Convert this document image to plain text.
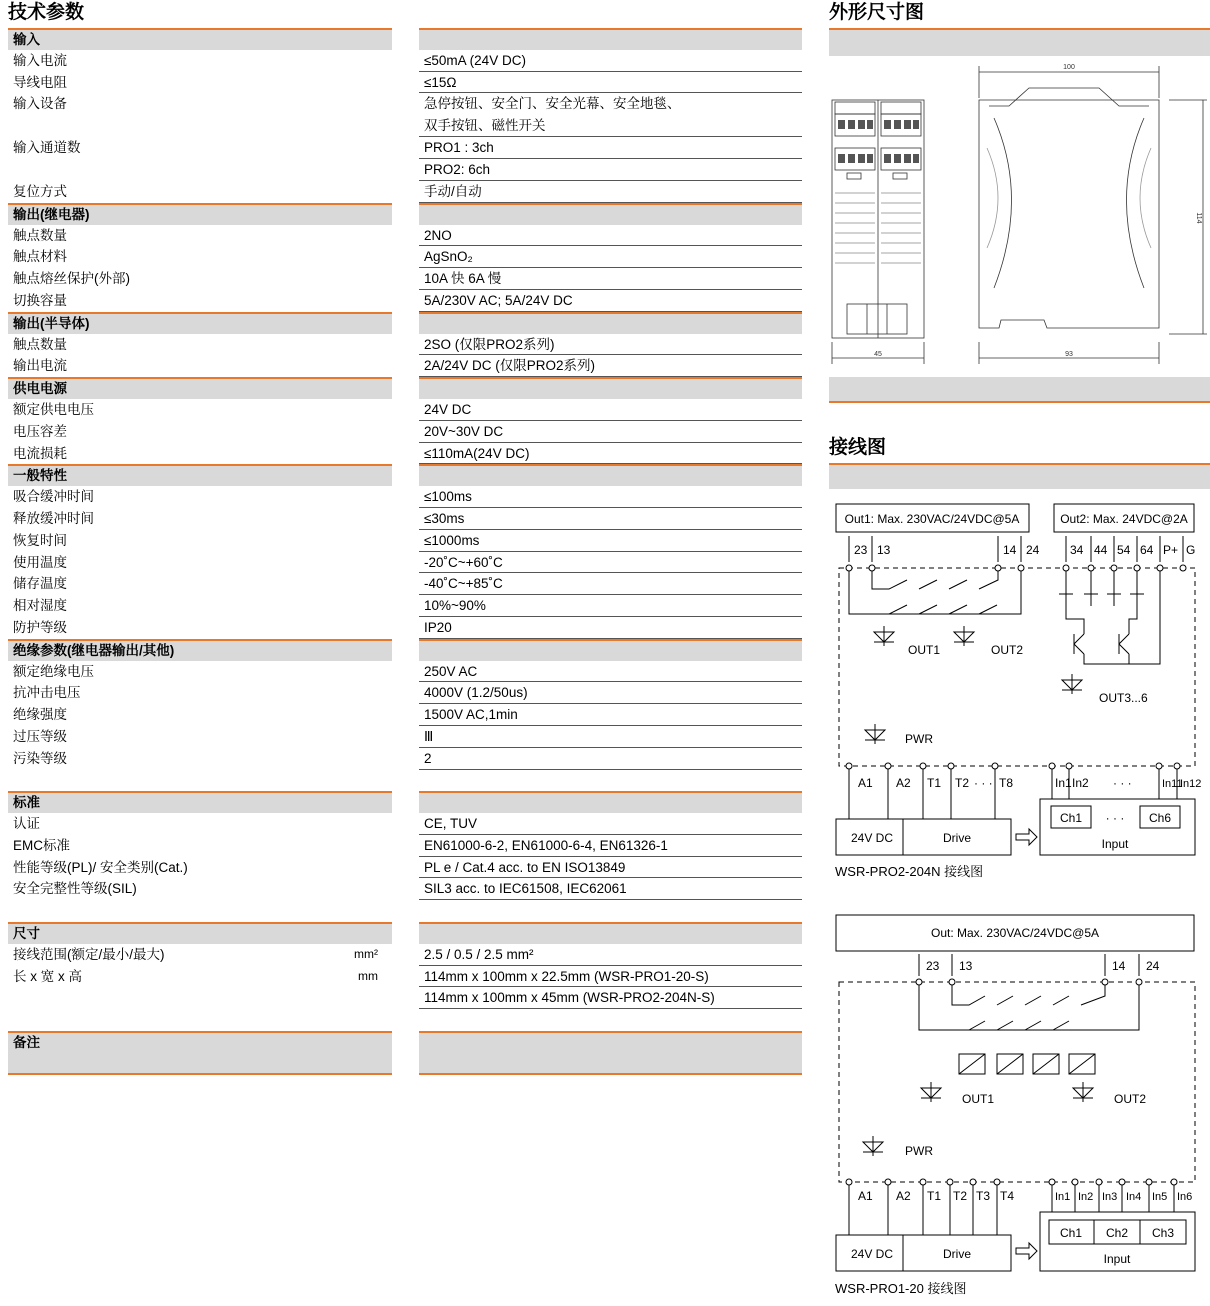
技术参数	外形尺寸图
接线图
输入
输入电流	≤50mA (24V DC)
导线电阻	≤15Ω
输入设备	急停按钮、安全门、安全光幕、安全地毯、
双手按钮、磁性开关
输入通道数	PRO1 : 3ch
PRO2: 6ch
复位方式	手动/自动
输出(继电器)
触点数量	2NO
触点材料	AgSnO₂
触点熔丝保护(外部)	10A 快 6A 慢
切换容量	5A/230V AC; 5A/24V DC
输出(半导体)
触点数量	2SO (仅限PRO2系列)
输出电流	2A/24V DC (仅限PRO2系列)
供电电源
额定供电电压	24V DC
电压容差	20V~30V DC
电流损耗	≤110mA(24V DC)
一般特性
吸合缓冲时间	≤100ms
释放缓冲时间	≤30ms
恢复时间	≤1000ms
使用温度	-20˚C~+60˚C
储存温度	-40˚C~+85˚C
相对湿度	10%~90%
防护等级	IP20
绝缘参数(继电器输出/其他)
额定绝缘电压	250V AC
抗冲击电压	4000V (1.2/50us)
绝缘强度	1500V AC,1min
过压等级	Ⅲ
污染等级	2
标准
认证	CE, TUV
EMC标准	EN61000-6-2, EN61000-6-4, EN61326-1
性能等级(PL)/ 安全类别(Cat.)	PL e / Cat.4 acc. to EN ISO13849
安全完整性等级(SIL)	SIL3 acc. to IEC61508, IEC62061
尺寸
接线范围(额定/最小/最大)	mm²	2.5 / 0.5 / 2.5 mm²
长 x 宽 x 高	mm	114mm x 100mm x 22.5mm (WSR-PRO1-20-S)
114mm x 100mm x 45mm (WSR-PRO2-204N-S)
备注
100
114
45	93
Out1: Max. 230VAC/24VDC@5A	Out2: Max. 24VDC@2A
23 13	14 24	34 44 54 64 P+ G
OUT1	OUT2
OUT3...6
PWR
A1 A2 T1 T2 · · · T8	In1 In2 · · ·	In11
In12
24V DC	Drive
Ch1 · · · Ch6
Input
WSR-PRO2-204N 接线图
Out: Max. 230VAC/24VDC@5A
23 13	14 24
OUT1	OUT2
PWR
A1 A2 T1 T2 T3 T4	In1 In2 In3 In4 In5 In6
24V DC	Drive
Ch1 Ch2 Ch3
Input
WSR-PRO1-20 接线图
